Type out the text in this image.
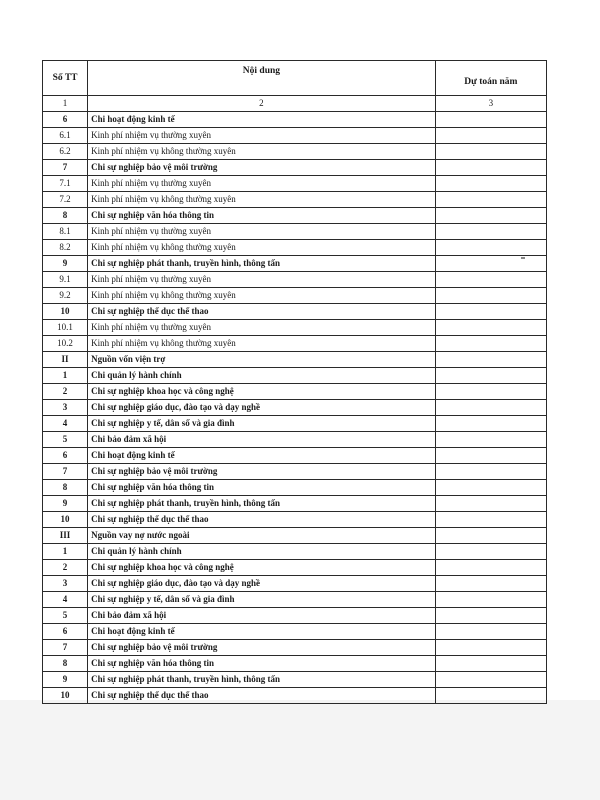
Số TT	Nội dung	Dự toán năm
1	2	3
6	Chi hoạt động kinh tế	
6.1	Kinh phí nhiệm vụ thường xuyên	
6.2	Kinh phí nhiệm vụ không thường xuyên	
7	Chi sự nghiệp bảo vệ môi trường	
7.1	Kinh phí nhiệm vụ thường xuyên	
7.2	Kinh phí nhiệm vụ không thường xuyên	
8	Chi sự nghiệp văn hóa thông tin	
8.1	Kinh phí nhiệm vụ thường xuyên	
8.2	Kinh phí nhiệm vụ không thường xuyên	
9	Chi sự nghiệp phát thanh, truyền hình, thông tấn	
9.1	Kinh phí nhiệm vụ thường xuyên	
9.2	Kinh phí nhiệm vụ không thường xuyên	
10	Chi sự nghiệp thể dục thể thao	
10.1	Kinh phí nhiệm vụ thường xuyên	
10.2	Kinh phí nhiệm vụ không thường xuyên	
II	Nguồn vốn viện trợ	
1	Chi quản lý hành chính	
2	Chi sự nghiệp khoa học và công nghệ	
3	Chi sự nghiệp giáo dục, đào tạo và dạy nghề	
4	Chi sự nghiệp y tế, dân số và gia đình	
5	Chi bảo đảm xã hội	
6	Chi hoạt động kinh tế	
7	Chi sự nghiệp bảo vệ môi trường	
8	Chi sự nghiệp văn hóa thông tin	
9	Chi sự nghiệp phát thanh, truyền hình, thông tấn	
10	Chi sự nghiệp thể dục thể thao	
III	Nguồn vay nợ nước ngoài	
1	Chi quản lý hành chính	
2	Chi sự nghiệp khoa học và công nghệ	
3	Chi sự nghiệp giáo dục, đào tạo và dạy nghề	
4	Chi sự nghiệp y tế, dân số và gia đình	
5	Chi bảo đảm xã hội	
6	Chi hoạt động kinh tế	
7	Chi sự nghiệp bảo vệ môi trường	
8	Chi sự nghiệp văn hóa thông tin	
9	Chi sự nghiệp phát thanh, truyền hình, thông tấn	
10	Chi sự nghiệp thể dục thể thao	
